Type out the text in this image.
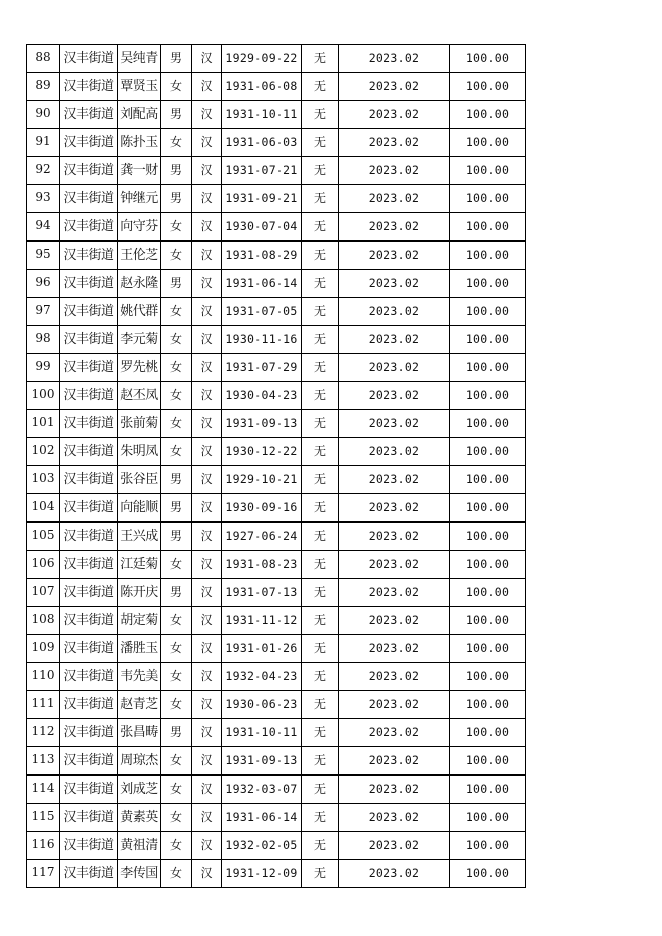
88	汉丰街道	吴纯青	男	汉	1929-09-22	无	2023.02	100.00
89	汉丰街道	覃贤玉	女	汉	1931-06-08	无	2023.02	100.00
90	汉丰街道	刘配高	男	汉	1931-10-11	无	2023.02	100.00
91	汉丰街道	陈扑玉	女	汉	1931-06-03	无	2023.02	100.00
92	汉丰街道	龚一财	男	汉	1931-07-21	无	2023.02	100.00
93	汉丰街道	钟继元	男	汉	1931-09-21	无	2023.02	100.00
94	汉丰街道	向守芬	女	汉	1930-07-04	无	2023.02	100.00
95	汉丰街道	王伦芝	女	汉	1931-08-29	无	2023.02	100.00
96	汉丰街道	赵永隆	男	汉	1931-06-14	无	2023.02	100.00
97	汉丰街道	姚代群	女	汉	1931-07-05	无	2023.02	100.00
98	汉丰街道	李元菊	女	汉	1930-11-16	无	2023.02	100.00
99	汉丰街道	罗先桃	女	汉	1931-07-29	无	2023.02	100.00
100	汉丰街道	赵丕凤	女	汉	1930-04-23	无	2023.02	100.00
101	汉丰街道	张前菊	女	汉	1931-09-13	无	2023.02	100.00
102	汉丰街道	朱明凤	女	汉	1930-12-22	无	2023.02	100.00
103	汉丰街道	张谷臣	男	汉	1929-10-21	无	2023.02	100.00
104	汉丰街道	向能顺	男	汉	1930-09-16	无	2023.02	100.00
105	汉丰街道	王兴成	男	汉	1927-06-24	无	2023.02	100.00
106	汉丰街道	江廷菊	女	汉	1931-08-23	无	2023.02	100.00
107	汉丰街道	陈开庆	男	汉	1931-07-13	无	2023.02	100.00
108	汉丰街道	胡定菊	女	汉	1931-11-12	无	2023.02	100.00
109	汉丰街道	潘胜玉	女	汉	1931-01-26	无	2023.02	100.00
110	汉丰街道	韦先美	女	汉	1932-04-23	无	2023.02	100.00
111	汉丰街道	赵青芝	女	汉	1930-06-23	无	2023.02	100.00
112	汉丰街道	张昌畴	男	汉	1931-10-11	无	2023.02	100.00
113	汉丰街道	周琼杰	女	汉	1931-09-13	无	2023.02	100.00
114	汉丰街道	刘成芝	女	汉	1932-03-07	无	2023.02	100.00
115	汉丰街道	黄素英	女	汉	1931-06-14	无	2023.02	100.00
116	汉丰街道	黄祖清	女	汉	1932-02-05	无	2023.02	100.00
117	汉丰街道	李传国	女	汉	1931-12-09	无	2023.02	100.00
